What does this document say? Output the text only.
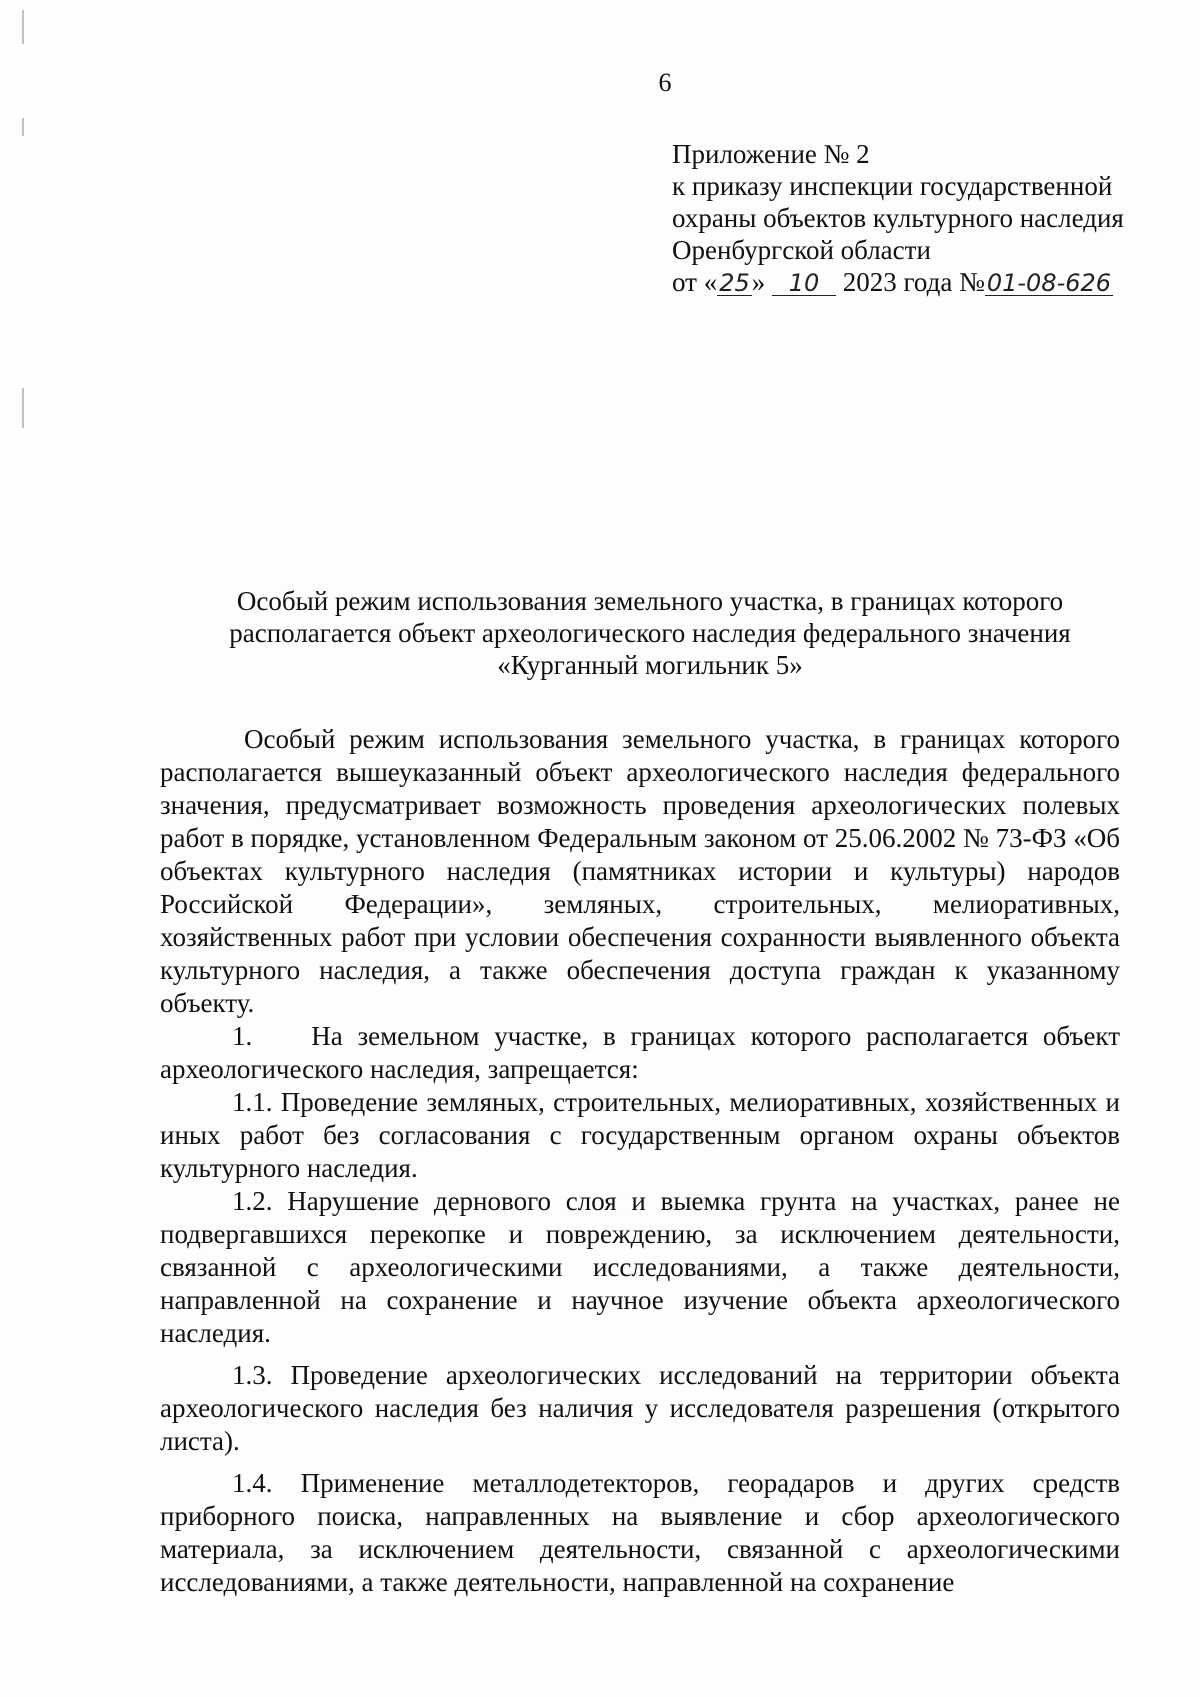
6
Приложение № 2
к приказу инспекции государственной
охраны объектов культурного наследия
Оренбургской области
от «25» 10 2023 года №01-08-626
Особый режим использования земельного участка, в границах которого
располагается объект археологического наследия федерального значения
«Курганный могильник 5»

Особый режим использования земельного участка, в границах которого располагается вышеуказанный объект археологического наследия федерального значения, предусматривает возможность проведения археологических полевых работ в порядке, установленном Федеральным законом от 25.06.2002 № 73-ФЗ «Об объектах культурного наследия (памятниках истории и культуры) народов Российской Федерации», земляных, строительных, мелиоративных, хозяйственных работ при условии обеспечения сохранности выявленного объекта культурного наследия, а также обеспечения доступа граждан к указанному объекту.

1.    На земельном участке, в границах которого располагается объект археологического наследия, запрещается:

1.1. Проведение земляных, строительных, мелиоративных, хозяйственных и иных работ без согласования с государственным органом охраны объектов культурного наследия.

1.2. Нарушение дернового слоя и выемка грунта на участках, ранее не подвергавшихся перекопке и повреждению, за исключением деятельности, связанной с археологическими исследованиями, а также деятельности, направленной на сохранение и научное изучение объекта археологического наследия.

1.3. Проведение археологических исследований на территории объекта археологического наследия без наличия у исследователя разрешения (открытого листа).

1.4. Применение металлодетекторов, георадаров и других средств приборного поиска, направленных на выявление и сбор археологического материала, за исключением деятельности, связанной с археологическими исследованиями, а также деятельности, направленной на сохранение
